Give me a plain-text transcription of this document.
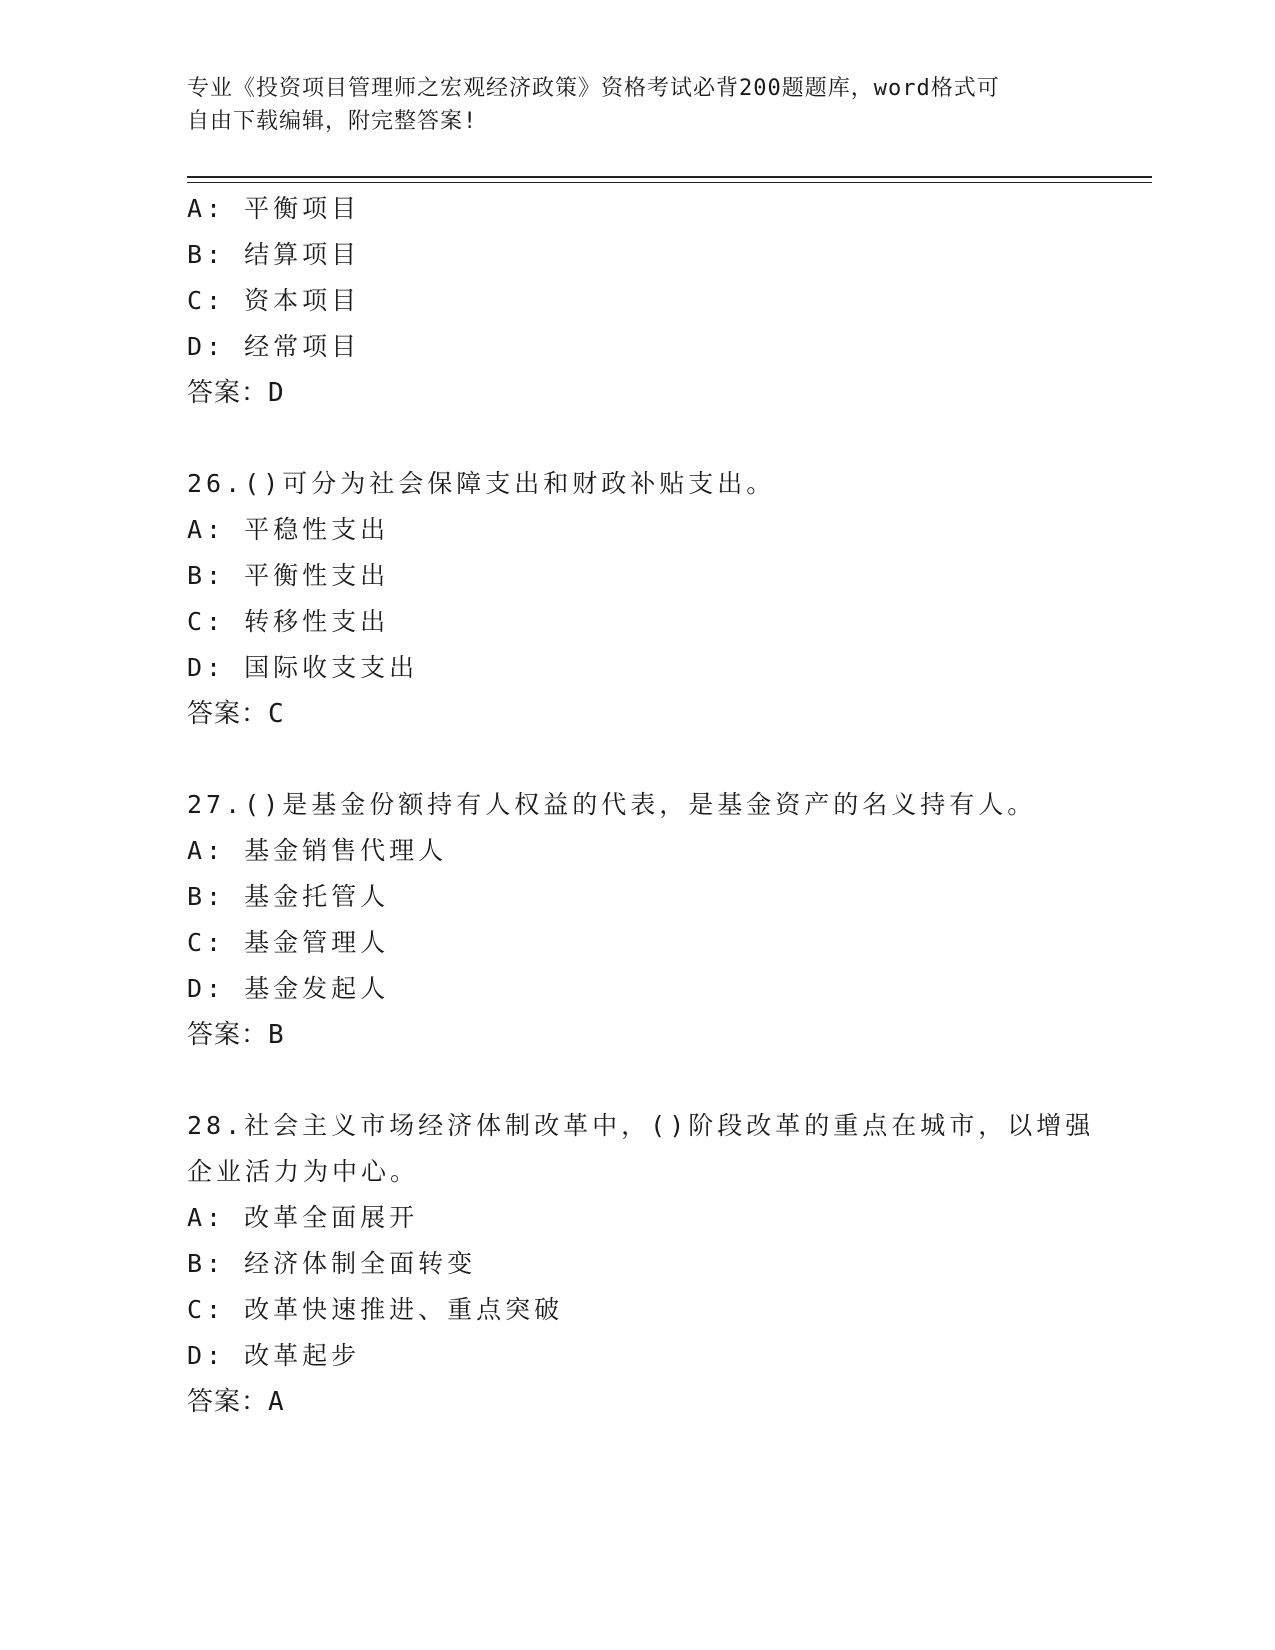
专业《投资项目管理师之宏观经济政策》资格考试必背200题题库，word格式可
自由下载编辑，附完整答案!
A: 平衡项目
B: 结算项目
C: 资本项目
D: 经常项目
答案：D
26.()可分为社会保障支出和财政补贴支出。
A: 平稳性支出
B: 平衡性支出
C: 转移性支出
D: 国际收支支出
答案：C
27.()是基金份额持有人权益的代表，是基金资产的名义持有人。
A: 基金销售代理人
B: 基金托管人
C: 基金管理人
D: 基金发起人
答案：B
28.社会主义市场经济体制改革中，()阶段改革的重点在城市，以增强
企业活力为中心。
A: 改革全面展开
B: 经济体制全面转变
C: 改革快速推进、重点突破
D: 改革起步
答案：A
